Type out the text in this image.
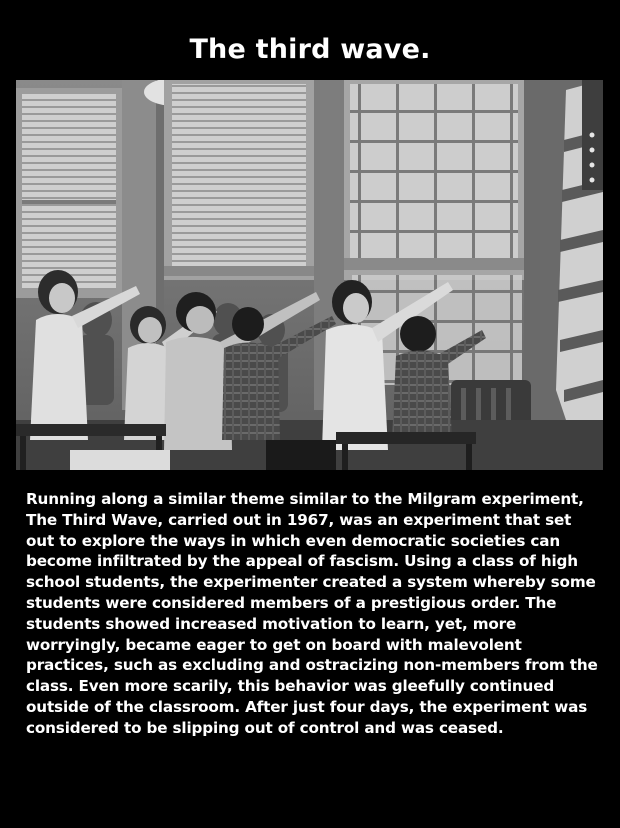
The third wave.
Running along a similar theme similar to the Milgram experiment,
The Third Wave, carried out in 1967, was an experiment that set
out to explore the ways in which even democratic societies can
become infiltrated by the appeal of fascism. Using a class of high
school students, the experimenter created a system whereby some
students were considered members of a prestigious order. The
students showed increased motivation to learn, yet, more
worryingly, became eager to get on board with malevolent
practices, such as excluding and ostracizing non-members from the
class. Even more scarily, this behavior was gleefully continued
outside of the classroom. After just four days, the experiment was
considered to be slipping out of control and was ceased.
